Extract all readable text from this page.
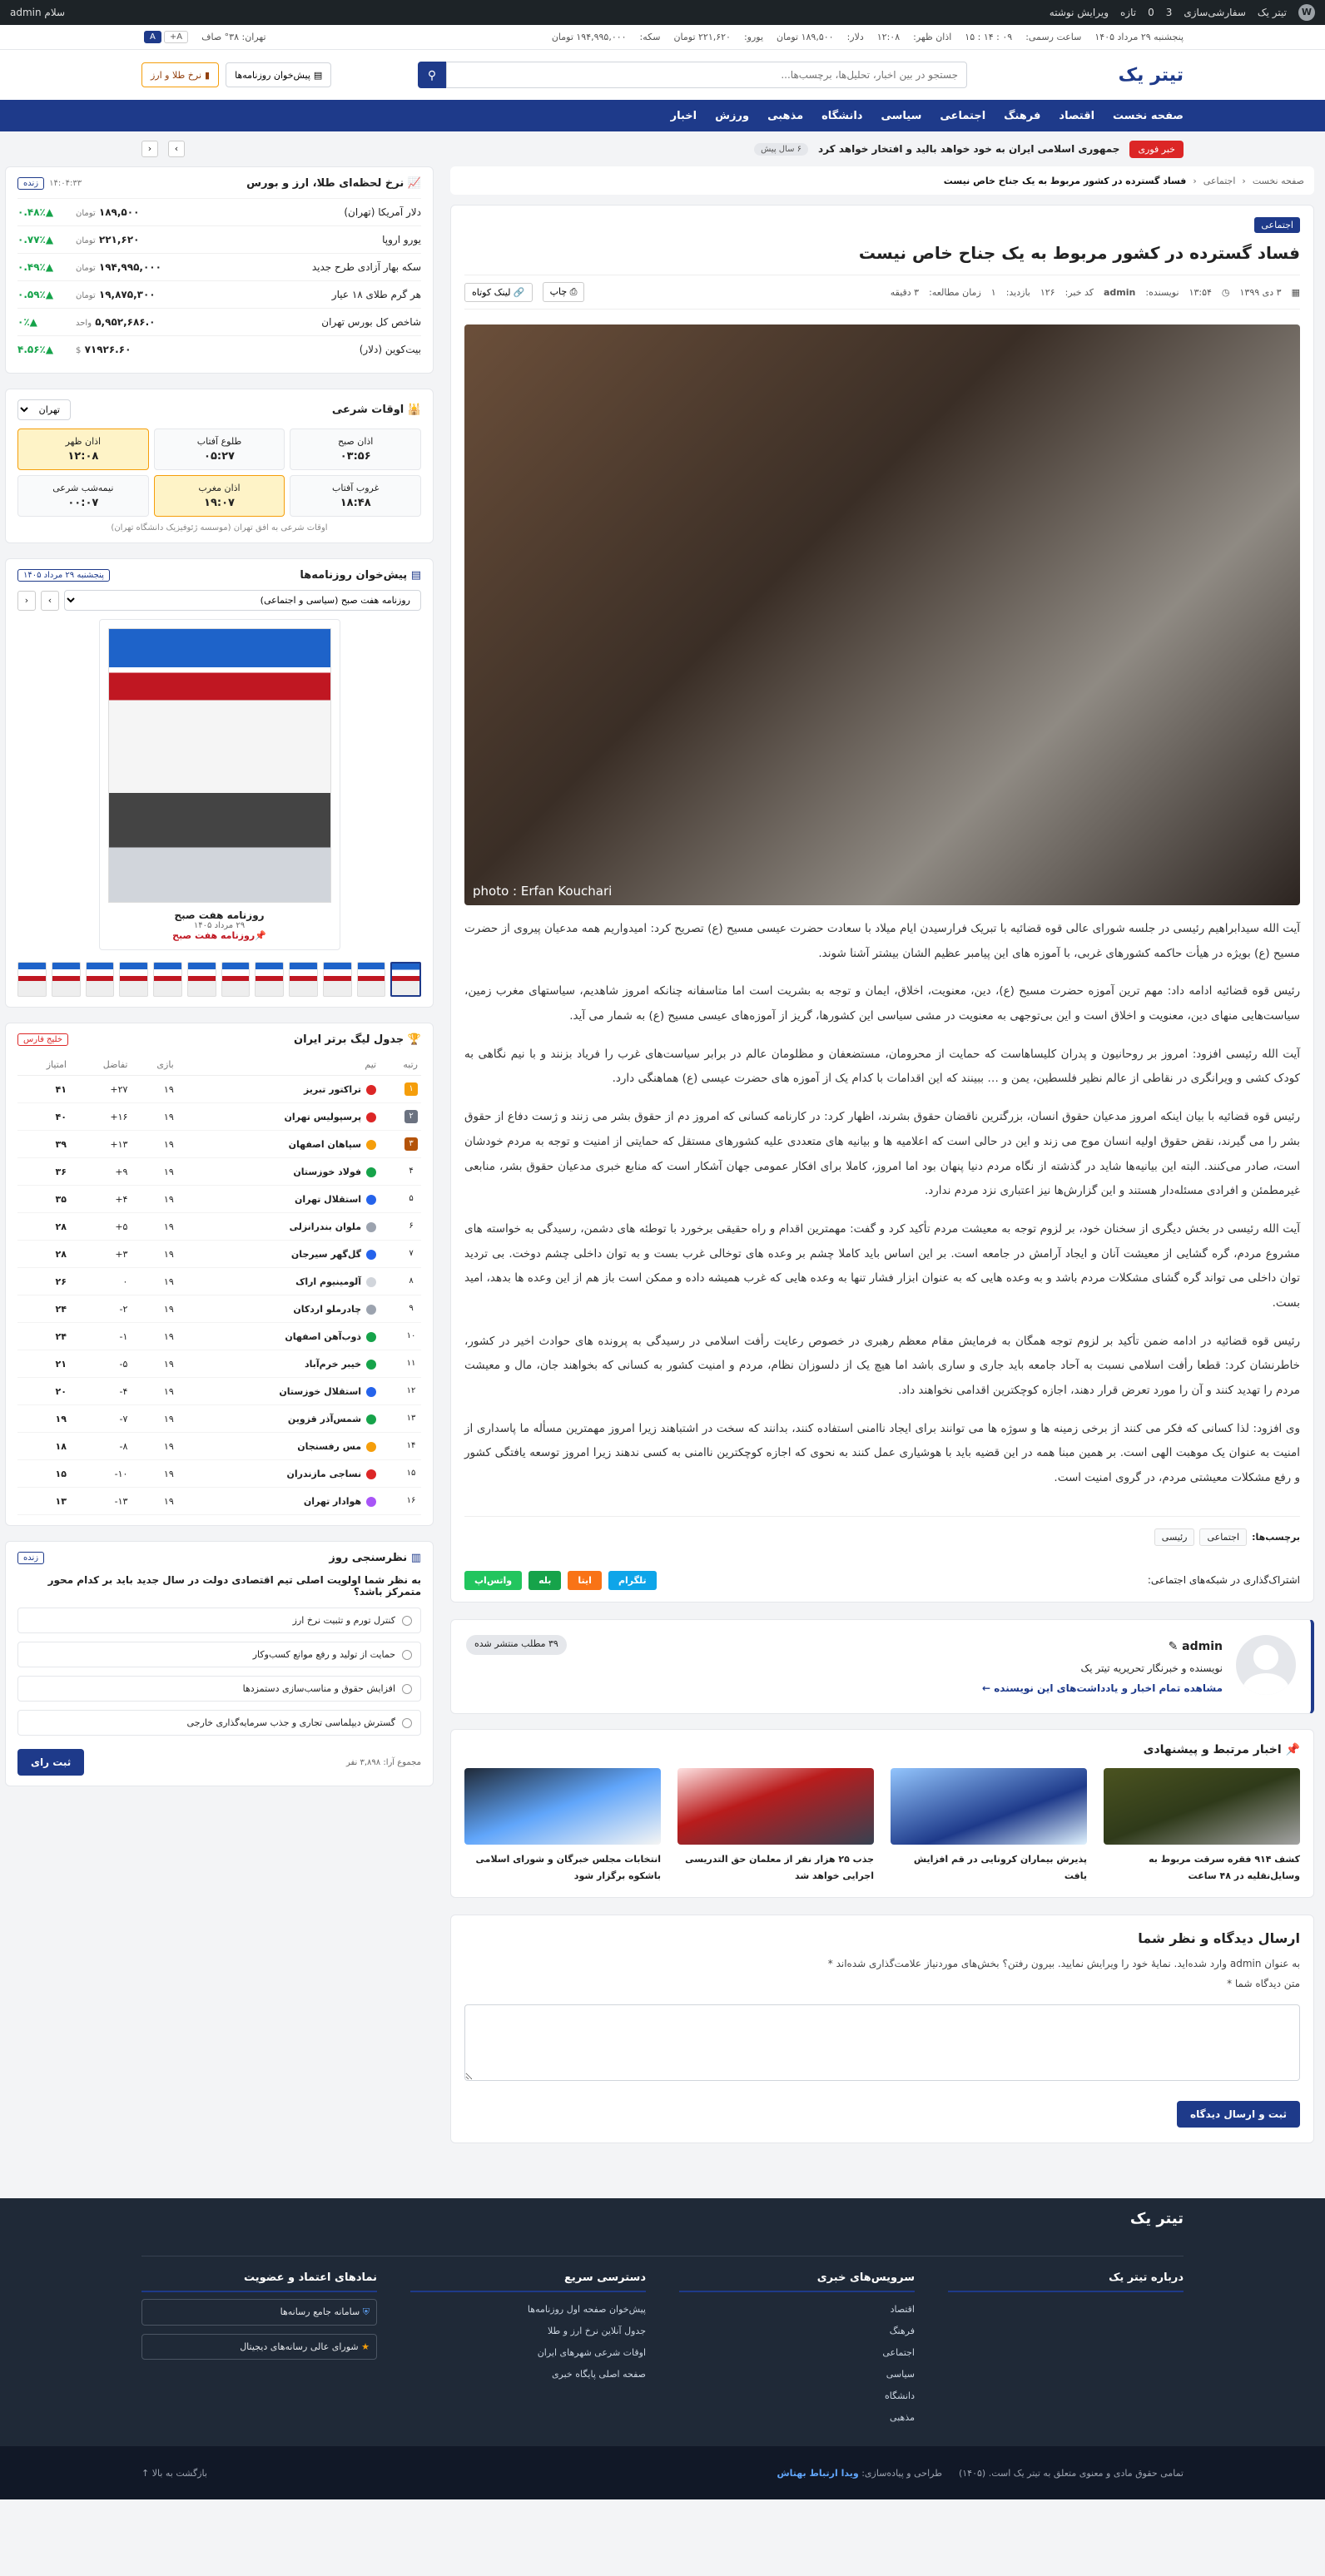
W
تیتر یک
سفارشی‌سازی
3
0
تازه
ویرایش نوشته
سلام admin
پنجشنبه ۲۹ مرداد ۱۴۰۵
ساعت رسمی:
۰۹ : ۱۴ : ۱۵
اذان ظهر:
۱۲:۰۸
دلار:
۱۸۹,۵۰۰ تومان
یورو:
۲۲۱,۶۲۰ تومان
سکه:
۱۹۴,۹۹۵,۰۰۰ تومان
تهران: ۳۸° صاف
A+A
تیتر یک
جستجو در بین اخبار، تحلیل‌ها، برچسب‌ها...
⚲
▤
پیش‌خوان روزنامه‌ها
▮
نرخ طلا و ارز
صفحه نخست
اقتصاد
فرهنگ
اجتماعی
سیاسی
دانشگاه
مذهبی
ورزش
اخبار
خبر فوری
جمهوری اسلامی ایران به خود خواهد بالید و افتخار خواهد کرد
۶ سال پیش
›
‹
صفحه نخست
‹
اجتماعی
‹
فساد گسترده در کشور مربوط به یک جناح خاص نیست
اجتماعی
فساد گسترده در کشور مربوط به یک جناح خاص نیست
▦
۳ دی ۱۳۹۹
◷
۱۳:۵۴
نویسنده:
admin
کد خبر:
۱۲۶
بازدید:
۱
زمان مطالعه:
۳ دقیقه
⎙ چاپ
🔗 لینک کوتاه
photo : Erfan Kouchari

آیت الله سیدابراهیم رئیسی در جلسه شورای عالی قوه قضائیه با تبریک فرارسیدن ایام میلاد با سعادت حضرت عیسی مسیح (ع) تصریح کرد: امیدواریم همه مدعیان پیروی از حضرت مسیح (ع) بویژه در هیأت حاکمه کشورهای غربی، با آموزه های این پیامبر عظیم الشان بیشتر آشنا شوند.

رئیس قوه قضائیه ادامه داد: مهم ترین آموزه حضرت مسیح (ع)، دین، معنویت، اخلاق، ایمان و توجه به بشریت است اما متاسفانه چنانکه امروز شاهدیم، سیاستهای مغرب زمین، سیاست‌هایی منهای دین، معنویت و اخلاق است و این بی‌توجهی به معنویت در مشی سیاسی این کشورها، گریز از آموزه‌های عیسی مسیح (ع) به شمار می آید.

آیت الله رئیسی افزود: امروز بر روحانیون و پدران کلیساهاست که حمایت از محرومان، مستضعفان و مظلومان عالم در برابر سیاست‌های غرب را فریاد بزنند و با نیم نگاهی به کودک کشی و ویرانگری در نقاطی از عالم نظیر فلسطین، یمن و … ببینند که این اقدامات با کدام یک از آموزه های حضرت عیسی (ع) هماهنگی دارد.

رئیس قوه قضائیه با بیان اینکه امروز مدعیان حقوق انسان، بزرگترین ناقضان حقوق بشرند، اظهار کرد: در کارنامه کسانی که امروز دم از حقوق بشر می زنند و ژست دفاع از حقوق بشر را می گیرند، نقض حقوق اولیه انسان موج می زند و این در حالی است که اعلامیه ها و بیانیه های متعددی علیه کشورهای مستقل که حمایتی از امنیت و توجه به مردم خودشان است، صادر می‌کنند. البته این بیانیه‌ها شاید در گذشته از نگاه مردم دنیا پنهان بود اما امروز، کاملا برای افکار عمومی جهان آشکار است که منابع خبری مدعیان حقوق بشر، منابعی غیرمطمئن و افرادی مسئله‌دار هستند و این گزارش‌ها نیز اعتباری نزد مردم ندارد.

آیت الله رئیسی در بخش دیگری از سخنان خود، بر لزوم توجه به معیشت مردم تأکید کرد و گفت: مهمترین اقدام و راه حقیقی برخورد با توطئه های دشمن، رسیدگی به خواسته های مشروع مردم، گره گشایی از معیشت آنان و ایجاد آرامش در جامعه است. بر این اساس باید کاملا چشم بر وعده های توخالی غرب بست و به توان داخلی چشم دوخت. بی تردید توان داخلی می تواند گره گشای مشکلات مردم باشد و به وعده هایی که به عنوان ابزار فشار تنها به وعده هایی که غرب همیشه داده و ممکن است باز هم از این وعده ها بدهد، امید بست.

رئیس قوه قضائیه در ادامه ضمن تأکید بر لزوم توجه همگان به فرمایش مقام معظم رهبری در خصوص رعایت رأفت اسلامی در رسیدگی به پرونده های حوادث اخیر در کشور، خاطرنشان کرد: قطعا رأفت اسلامی نسبت به آحاد جامعه باید جاری و ساری باشد اما هیچ یک از دلسوزان نظام، مردم و امنیت کشور به کسانی که بخواهند جان، مال و معیشت مردم را تهدید کنند و آن را مورد تعرض قرار دهند، اجازه کوچکترین اقدامی نخواهند داد.

وی افزود: لذا کسانی که فکر می کنند از برخی زمینه ها و سوژه ها می توانند برای ایجاد ناامنی استفاده کنند، بدانند که سخت در اشتباهند زیرا امروز مهمترین مسأله ما پاسداری از امنیت به عنوان یک موهبت الهی است. بر همین مبنا همه در این قضیه باید با هوشیاری عمل کنند به نحوی که اجازه کوچکترین ناامنی به کسی ندهند زیرا امروز توسعه یافتگی کشور و رفع مشکلات معیشتی مردم، در گروی امنیت است.

برچسب‌ها:
اجتماعی
رئیسی
اشتراک‌گذاری در شبکه‌های اجتماعی:
تلگرام
ایتا
بله
واتس‌اپ
admin ✎
نویسنده و خبرنگار تحریریه تیتر یک
مشاهده تمام اخبار و یادداشت‌های این نویسنده ←
۳۹ مطلب منتشر شده
📌 اخبار مرتبط و پیشنهادی
کشف ۹۱۴ فقره سرقت مربوط به وسایل‌نقلیه در ۴۸ ساعت
پذیرش بیماران کرونایی در قم افزایش یافت
جذب ۲۵ هزار نفر از معلمان حق التدریسی اجرایی خواهد شد
انتخابات مجلس خبرگان و شورای اسلامی باشکوه برگزار شود
ارسال دیدگاه و نظر شما

به عنوان admin وارد شده‌اید. نمایهٔ خود را ویرایش نمایید. بیرون رفتن؟ بخش‌های موردنیاز علامت‌گذاری شده‌اند *

متن دیدگاه شما *

ثبت و ارسال دیدگاه
📈 نرخ لحظه‌ای طلا، ارز و بورس
۱۴:۰۴:۳۳
زنده
دلار آمریکا (تهران)
۱۸۹,۵۰۰ تومان
▲۰.۴۸٪
یورو اروپا
۲۲۱,۶۲۰ تومان
▲۰.۷۷٪
سکه بهار آزادی طرح جدید
۱۹۴,۹۹۵,۰۰۰ تومان
▲۰.۴۹٪
هر گرم طلای ۱۸ عیار
۱۹,۸۷۵,۳۰۰ تومان
▲۰.۵۹٪
شاخص کل بورس تهران
۵,۹۵۲,۶۸۶.۰ واحد
▲۰٪
بیت‌کوین (دلار)
۷۱۹۲۶.۶۰ $
▲۴.۵۶٪
🕌 اوقات شرعی
تهران
اذان صبح
۰۳:۵۶
طلوع آفتاب
۰۵:۲۷
اذان ظهر
۱۲:۰۸
غروب آفتاب
۱۸:۴۸
اذان مغرب
۱۹:۰۷
نیمه‌شب شرعی
۰۰:۰۷
اوقات شرعی به افق تهران (موسسه ژئوفیزیک دانشگاه تهران)
▤ پیش‌خوان روزنامه‌ها
پنجشنبه ۲۹ مرداد ۱۴۰۵
روزنامه هفت صبح (سیاسی و اجتماعی)
›
‹
روزنامه هفت صبح
۲۹ مرداد ۱۴۰۵
📌روزنامه هفت صبح
🏆 جدول لیگ برتر ایران
خلیج فارس
رتبه	تیم	بازی	تفاضل	امتیاز
۱	تراکتور تبریز	۱۹	۲۷+	۴۱
۲	پرسپولیس تهران	۱۹	۱۶+	۴۰
۳	سپاهان اصفهان	۱۹	۱۳+	۳۹
۴	فولاد خوزستان	۱۹	۹+	۳۶
۵	استقلال تهران	۱۹	۴+	۳۵
۶	ملوان بندرانزلی	۱۹	۵+	۲۸
۷	گل‌گهر سیرجان	۱۹	۳+	۲۸
۸	آلومینیوم اراک	۱۹	۰	۲۶
۹	چادرملو اردکان	۱۹	۲-	۲۴
۱۰	ذوب‌آهن اصفهان	۱۹	۱-	۲۴
۱۱	خیبر خرم‌آباد	۱۹	۵-	۲۱
۱۲	استقلال خوزستان	۱۹	۴-	۲۰
۱۳	شمس‌آذر قزوین	۱۹	۷-	۱۹
۱۴	مس رفسنجان	۱۹	۸-	۱۸
۱۵	نساجی مازندران	۱۹	۱۰-	۱۵
۱۶	هوادار تهران	۱۹	۱۳-	۱۳
▥ نظرسنجی روز
زنده
به نظر شما اولویت اصلی تیم اقتصادی دولت در سال جدید باید بر کدام محور متمرکز باشد؟
کنترل تورم و تثبیت نرخ ارز
حمایت از تولید و رفع موانع کسب‌وکار
افزایش حقوق و مناسب‌سازی دستمزدها
گسترش دیپلماسی تجاری و جذب سرمایه‌گذاری خارجی
مجموع آرا: ۳,۸۹۸ نفر
ثبت رای
تیتر یک
درباره تیتر یک
سرویس‌های خبری
اقتصاد
فرهنگ
اجتماعی
سیاسی
دانشگاه
مذهبی
دسترسی سریع
پیش‌خوان صفحه اول روزنامه‌ها
جدول آنلاین نرخ ارز و طلا
اوقات شرعی شهرهای ایران
صفحه اصلی پایگاه خبری
نمادهای اعتماد و عضویت
⛨ سامانه جامع رسانه‌ها
★ شورای عالی رسانه‌های دیجیتال
تمامی حقوق مادی و معنوی متعلق به تیتر یک است. (۱۴۰۵)
طراحی و پیاده‌سازی: ویدا ارتباط بهتاش
بازگشت به بالا ↑
